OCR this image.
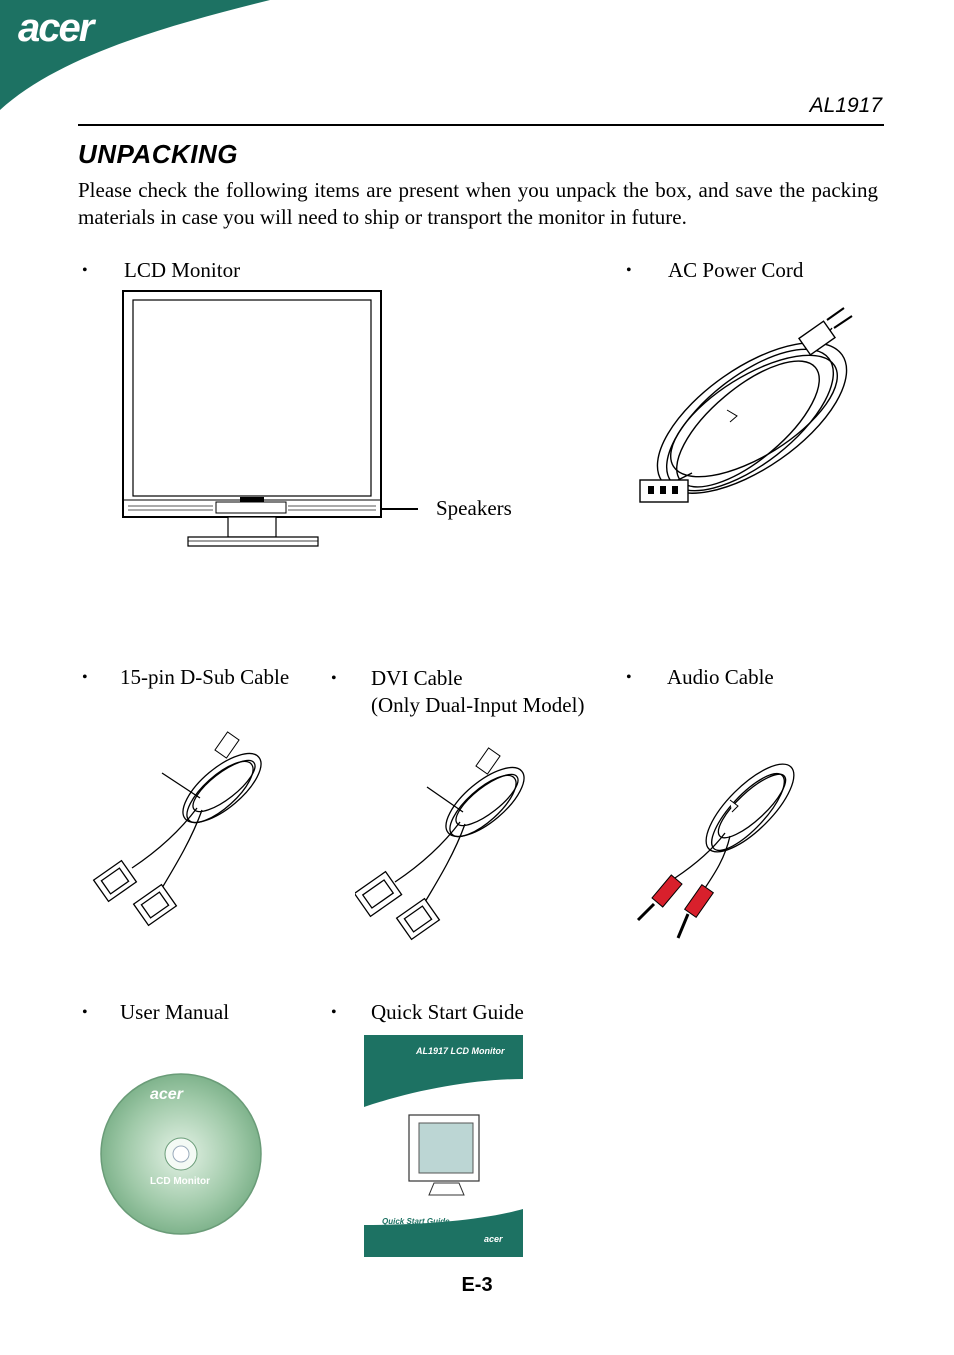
acer
AL1917
UNPACKING
Please check the following items are present when you unpack the box, and save the packing materials in case you will need to ship or transport the monitor in future.
•	LCD Monitor	•	AC Power Cord
Speakers
•	15-pin D-Sub Cable	•	DVI Cable
(Only Dual-Input Model)
•	Audio Cable
•	User Manual	•	Quick Start Guide
acer
LCD Monitor
AL1917 LCD Monitor
Quick Start Guide
acer
E-3
